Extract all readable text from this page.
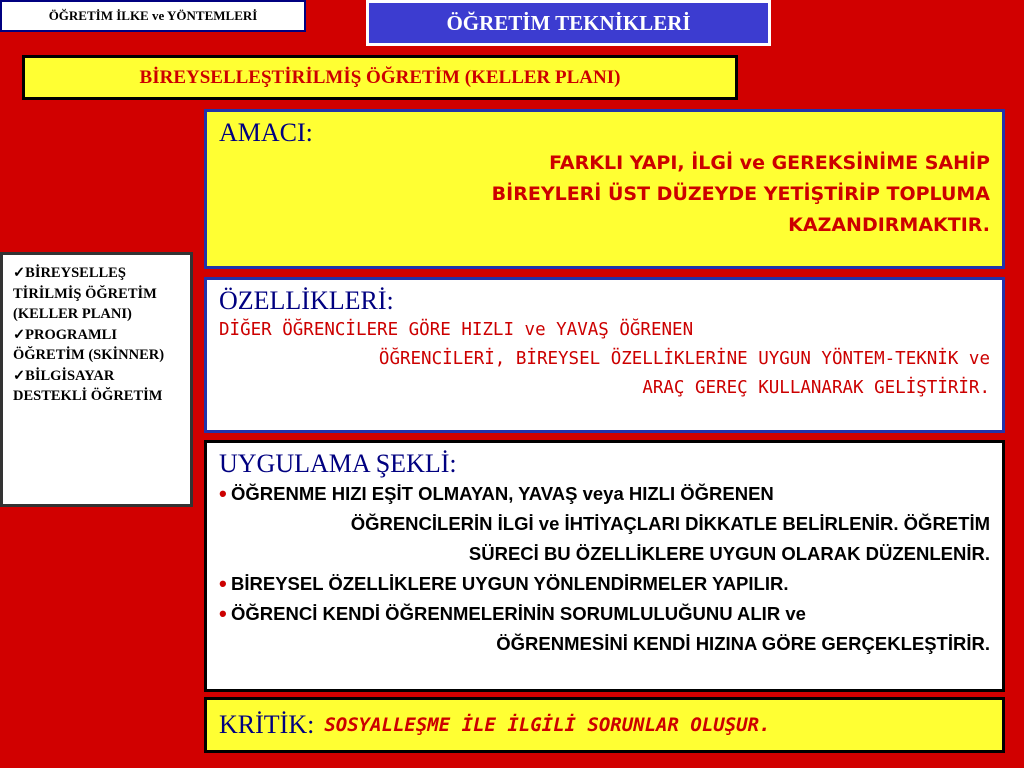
ÖĞRETİM İLKE ve YÖNTEMLERİ	ÖĞRETİM TEKNİKLERİ
BİREYSELLEŞTİRİLMİŞ ÖĞRETİM (KELLER PLANI)
✓BİREYSELLEŞ TİRİLMİŞ ÖĞRETİM (KELLER PLANI)
✓PROGRAMLI ÖĞRETİM (SKİNNER)
✓BİLGİSAYAR DESTEKLİ ÖĞRETİM
AMACI:
FARKLI YAPI, İLGİ ve GEREKSİNİME SAHİP
BİREYLERİ ÜST DÜZEYDE YETİŞTİRİP TOPLUMA
KAZANDIRMAKTIR.
ÖZELLİKLERİ:
DİĞER ÖĞRENCİLERE GÖRE HIZLI ve YAVAŞ ÖĞRENEN
ÖĞRENCİLERİ, BİREYSEL ÖZELLİKLERİNE UYGUN YÖNTEM-TEKNİK ve
ARAÇ GEREÇ KULLANARAK GELİŞTİRİR.
UYGULAMA ŞEKLİ:
• ÖĞRENME HIZI EŞİT OLMAYAN, YAVAŞ veya HIZLI ÖĞRENEN
ÖĞRENCİLERİN İLGİ ve İHTİYAÇLARI DİKKATLE BELİRLENİR. ÖĞRETİM
SÜRECİ BU ÖZELLİKLERE UYGUN OLARAK DÜZENLENİR.
• BİREYSEL ÖZELLİKLERE UYGUN YÖNLENDİRMELER YAPILIR.
• ÖĞRENCİ KENDİ ÖĞRENMELERİNİN SORUMLULUĞUNU ALIR ve
ÖĞRENMESİNİ KENDİ HIZINA GÖRE GERÇEKLEŞTİRİR.
KRİTİK: SOSYALLEŞME İLE İLGİLİ SORUNLAR OLUŞUR.
